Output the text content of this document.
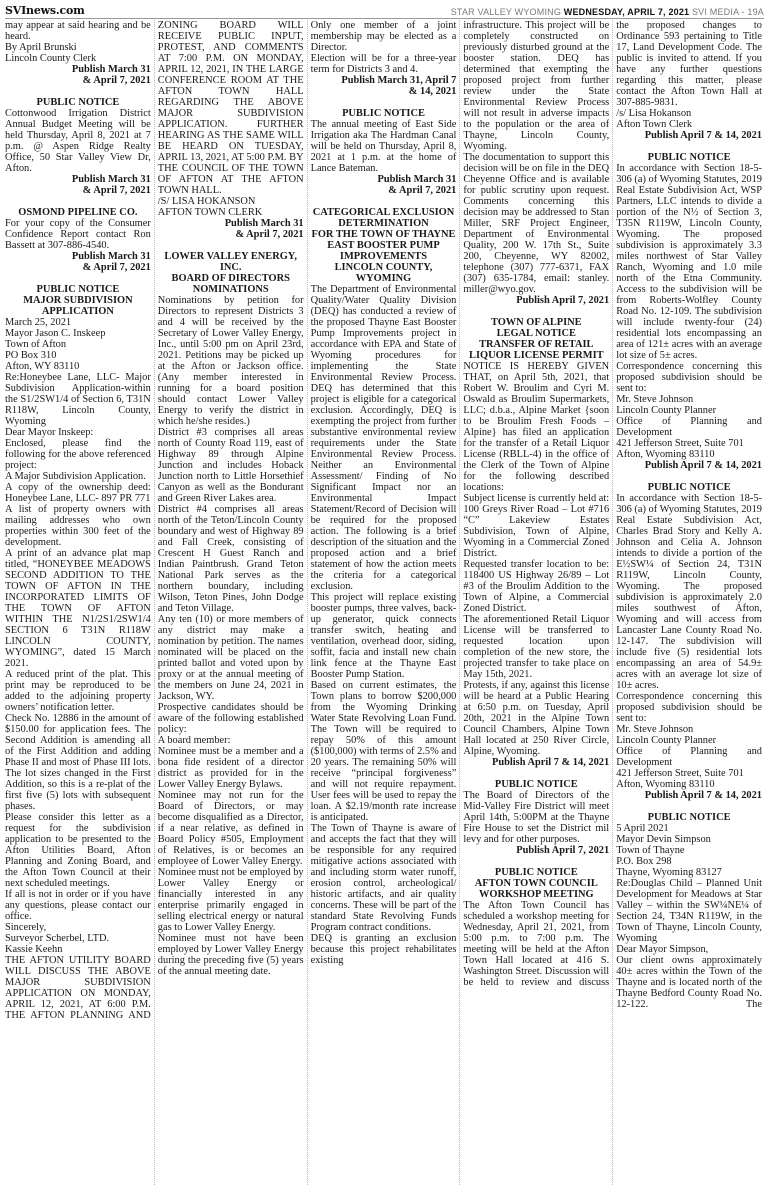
SVInews.com	STAR VALLEY WYOMING WEDNESDAY, APRIL 7, 2021 SVI MEDIA - 19A
may appear at said hearing and be heard.
By April Brunski
Lincoln County Clerk
Publish March 31
& April 7, 2021
PUBLIC NOTICE
Cottonwood Irrigation District Annual Budget Meeting will be held Thursday, April 8, 2021 at 7 p.m. @ Aspen Ridge Realty Office, 50 Star Valley View Dr, Afton.
Publish March 31
& April 7, 2021
OSMOND PIPELINE CO.
For your copy of the Consumer Confidence Report contact Ron Bassett at 307-886-4540.
Publish March 31
& April 7, 2021
PUBLIC NOTICE
MAJOR SUBDIVISION
APPLICATION
March 25, 2021
Mayor Jason C. Inskeep
Town of Afton
PO Box 310
Afton, WY 83110
Re:Honeybee Lane, LLC- Major Subdivision Application-within the S1/2SW1/4 of Section 6, T31N R118W, Lincoln County, Wyoming
Dear Mayor Inskeep:
Enclosed, please find the following for the above referenced project:
A Major Subdivision Application.
A copy of the ownership deed: Honeybee Lane, LLC- 897 PR 771
A list of property owners with mailing addresses who own properties within 300 feet of the development.
A print of an advance plat map titled, “HONEYBEE MEADOWS SECOND ADDITION TO THE TOWN OF AFTON IN THE INCORPORATED LIMITS OF THE TOWN OF AFTON WITHIN THE N1/2S1/2SW1/4 SECTION 6 T31N R118W LINCOLN COUNTY, WYOMING”, dated 15 March 2021.
A reduced print of the plat. This print may be reproduced to be added to the adjoining property owners’ notification letter.
Check No. 12886 in the amount of $150.00 for application fees. The Second Addition is amending all of the First Addition and adding Phase II and most of Phase III lots. The lot sizes changed in the First Addition, so this is a re-plat of the first five (5) lots with subsequent phases.
Please consider this letter as a request for the subdivision application to be presented to the Afton Utilities Board, Afton Planning and Zoning Board, and the Afton Town Council at their next scheduled meetings.
If all is not in order or if you have any questions, please contact our office.
Sincerely,
Surveyor Scherbel, LTD.
Kassie Keehn
THE AFTON UTILITY BOARD WILL DISCUSS THE ABOVE MAJOR SUBDIVISION APPLICATION ON MONDAY, APRIL 12, 2021, AT 6:00 P.M. THE AFTON PLANNING AND
ZONING BOARD WILL RECEIVE PUBLIC INPUT, PROTEST, AND COMMENTS AT 7:00 P.M. ON MONDAY, APRIL 12, 2021, IN THE LARGE CONFERENCE ROOM AT THE AFTON TOWN HALL REGARDING THE ABOVE MAJOR SUBDIVISION APPLICATION. FURTHER HEARING AS THE SAME WILL BE HEARD ON TUESDAY, APRIL 13, 2021, AT 5:00 P.M. BY THE COUNCIL OF THE TOWN OF AFTON AT THE AFTON TOWN HALL.
/S/ LISA HOKANSON
AFTON TOWN CLERK
Publish March 31
& April 7, 2021
LOWER VALLEY ENERGY,
INC.
BOARD OF DIRECTORS
NOMINATIONS
Nominations by petition for Directors to represent Districts 3 and 4 will be received by the Secretary of Lower Valley Energy, Inc., until 5:00 pm on April 23rd, 2021. Petitions may be picked up at the Afton or Jackson office. (Any member interested in running for a board position should contact Lower Valley Energy to verify the district in which he/she resides.)
District #3 comprises all areas north of County Road 119, east of Highway 89 through Alpine Junction and includes Hoback Junction north to Little Horsethief Canyon as well as the Bondurant and Green River Lakes area.
District #4 comprises all areas north of the Teton/Lincoln County boundary and west of Highway 89 and Fall Creek, consisting of Crescent H Guest Ranch and Indian Paintbrush. Grand Teton National Park serves as the northern boundary, including Wilson, Teton Pines, John Dodge and Teton Village.
Any ten (10) or more members of any district may make a nomination by petition. The names nominated will be placed on the printed ballot and voted upon by proxy or at the annual meeting of the members on June 24, 2021 in Jackson, WY.
Prospective candidates should be aware of the following established policy:
A board member:
Nominee must be a member and a bona fide resident of a director district as provided for in the Lower Valley Energy Bylaws.
Nominee may not run for the Board of Directors, or may become disqualified as a Director, if a near relative, as defined in Board Policy #505, Employment of Relatives, is or becomes an employee of Lower Valley Energy.
Nominee must not be employed by Lower Valley Energy or financially interested in any enterprise primarily engaged in selling electrical energy or natural gas to Lower Valley Energy.
Nominee must not have been employed by Lower Valley Energy during the preceding five (5) years of the annual meeting date.
Only one member of a joint membership may be elected as a Director.
Election will be for a three-year term for Districts 3 and 4.
Publish March 31, April 7
& 14, 2021
PUBLIC NOTICE
The annual meeting of East Side Irrigation aka The Hardman Canal will be held on Thursday, April 8, 2021 at 1 p.m. at the home of Lance Bateman.
Publish March 31
& April 7, 2021
CATEGORICAL EXCLUSION
DETERMINATION
FOR THE TOWN OF THAYNE
EAST BOOSTER PUMP
IMPROVEMENTS
LINCOLN COUNTY,
WYOMING
The Department of Environmental Quality/Water Quality Division (DEQ) has conducted a review of the proposed Thayne East Booster Pump Improvements project in accordance with EPA and State of Wyoming procedures for implementing the State Environmental Review Process. DEQ has determined that this project is eligible for a categorical exclusion. Accordingly, DEQ is exempting the project from further substantive environmental review requirements under the State Environmental Review Process. Neither an Environmental Assessment/ Finding of No Significant Impact nor an Environmental Impact Statement/Record of Decision will be required for the proposed action. The following is a brief description of the situation and the proposed action and a brief statement of how the action meets the criteria for a categorical exclusion.
This project will replace existing booster pumps, three valves, back-up generator, quick connects transfer switch, heating and ventilation, overhead door, siding, soffit, facia and install new chain link fence at the Thayne East Booster Pump Station.
Based on current estimates, the Town plans to borrow $200,000 from the Wyoming Drinking Water State Revolving Loan Fund. The Town will be required to repay 50% of this amount ($100,000) with terms of 2.5% and 20 years. The remaining 50% will receive “principal forgiveness” and will not require repayment. User fees will be used to repay the loan. A $2.19/month rate increase is anticipated.
The Town of Thayne is aware of and accepts the fact that they will be responsible for any required mitigative actions associated with and including storm water runoff, erosion control, archeological/ historic artifacts, and air quality concerns. These will be part of the standard State Revolving Funds Program contract conditions.
DEQ is granting an exclusion because this project rehabilitates existing
infrastructure. This project will be completely constructed on previously disturbed ground at the booster station. DEQ has determined that exempting the proposed project from further review under the State Environmental Review Process will not result in adverse impacts to the population or the area of Thayne, Lincoln County, Wyoming.
The documentation to support this decision will be on file in the DEQ Cheyenne Office and is available for public scrutiny upon request. Comments concerning this decision may be addressed to Stan Miller, SRF Project Engineer, Department of Environmental Quality, 200 W. 17th St., Suite 200, Cheyenne, WY 82002, telephone (307) 777-6371, FAX (307) 635-1784, email: stanley. miller@wyo.gov.
Publish April 7, 2021
TOWN OF ALPINE
LEGAL NOTICE
TRANSFER OF RETAIL
LIQUOR LICENSE PERMIT
NOTICE IS HEREBY GIVEN THAT, on April 5th, 2021, that Robert W. Broulim and Cyri M. Oswald as Broulim Supermarkets, LLC; d.b.a., Alpine Market {soon to be Broulim Fresh Foods – Alpine} has filed an application for the transfer of a Retail Liquor License (RBLL-4) in the office of the Clerk of the Town of Alpine for the following described locations:
Subject license is currently held at: 100 Greys River Road – Lot #716 “C” Lakeview Estates Subdivision, Town of Alpine, Wyoming in a Commercial Zoned District.
Requested transfer location to be: 118400 US Highway 26/89 – Lot #3 of the Broulim Addition to the Town of Alpine, a Commercial Zoned District.
The aforementioned Retail Liquor License will be transferred to requested location upon completion of the new store, the projected transfer to take place on May 15th, 2021.
Protests, if any, against this license will be heard at a Public Hearing at 6:50 p.m. on Tuesday, April 20th, 2021 in the Alpine Town Council Chambers, Alpine Town Hall located at 250 River Circle, Alpine, Wyoming.
Publish April 7 & 14, 2021
PUBLIC NOTICE
The Board of Directors of the Mid-Valley Fire District will meet April 14th, 5:00PM at the Thayne Fire House to set the District mil levy and for other purposes.
Publish April 7, 2021
PUBLIC NOTICE
AFTON TOWN COUNCIL
WORKSHOP MEETING
The Afton Town Council has scheduled a workshop meeting for Wednesday, April 21, 2021, from 5:00 p.m. to 7:00 p.m. The meeting will be held at the Afton Town Hall located at 416 S. Washington Street. Discussion will be held to review and discuss
the proposed changes to Ordinance 593 pertaining to Title 17, Land Development Code. The public is invited to attend. If you have any further questions regarding this matter, please contact the Afton Town Hall at 307-885-9831.
/s/ Lisa Hokanson
Afton Town Clerk
Publish April 7 & 14, 2021
PUBLIC NOTICE
In accordance with Section 18-5-306 (a) of Wyoming Statutes, 2019 Real Estate Subdivision Act, WSP Partners, LLC intends to divide a portion of the N½ of Section 3, T35N R119W, Lincoln County, Wyoming. The proposed subdivision is approximately 3.3 miles northwest of Star Valley Ranch, Wyoming and 1.0 mile north of the Etna Community. Access to the subdivision will be from Roberts-Wolfley County Road No. 12-109. The subdivision will include twenty-four (24) residential lots encompassing an area of 121± acres with an average lot size of 5± acres.
Correspondence concerning this proposed subdivision should be sent to:
Mr. Steve Johnson
Lincoln County Planner
Office of Planning and Development
421 Jefferson Street, Suite 701
Afton, Wyoming 83110
Publish April 7 & 14, 2021
PUBLIC NOTICE
In accordance with Section 18-5-306 (a) of Wyoming Statutes, 2019 Real Estate Subdivision Act, Charles Brad Story and Kelly A. Johnson and Celia A. Johnson intends to divide a portion of the E½SW¼ of Section 24, T31N R119W, Lincoln County, Wyoming. The proposed subdivision is approximately 2.0 miles southwest of Afton, Wyoming and will access from Lancaster Lane County Road No. 12-147. The subdivision will include five (5) residential lots encompassing an area of 54.9± acres with an average lot size of 10± acres.
Correspondence concerning this proposed subdivision should be sent to:
Mr. Steve Johnson
Lincoln County Planner
Office of Planning and Development
421 Jefferson Street, Suite 701
Afton, Wyoming 83110
Publish April 7 & 14, 2021
PUBLIC NOTICE
5 April 2021
Mayor Devin Simpson
Town of Thayne
P.O. Box 298
Thayne, Wyoming 83127
Re:Douglas Child – Planned Unit Development for Meadows at Star Valley – within the SW¼NE¼ of Section 24, T34N R119W, in the Town of Thayne, Lincoln County, Wyoming
Dear Mayor Simpson,
Our client owns approximately 40± acres within the Town of the Thayne and is located north of the Thayne Bedford County Road No. 12-122. The
